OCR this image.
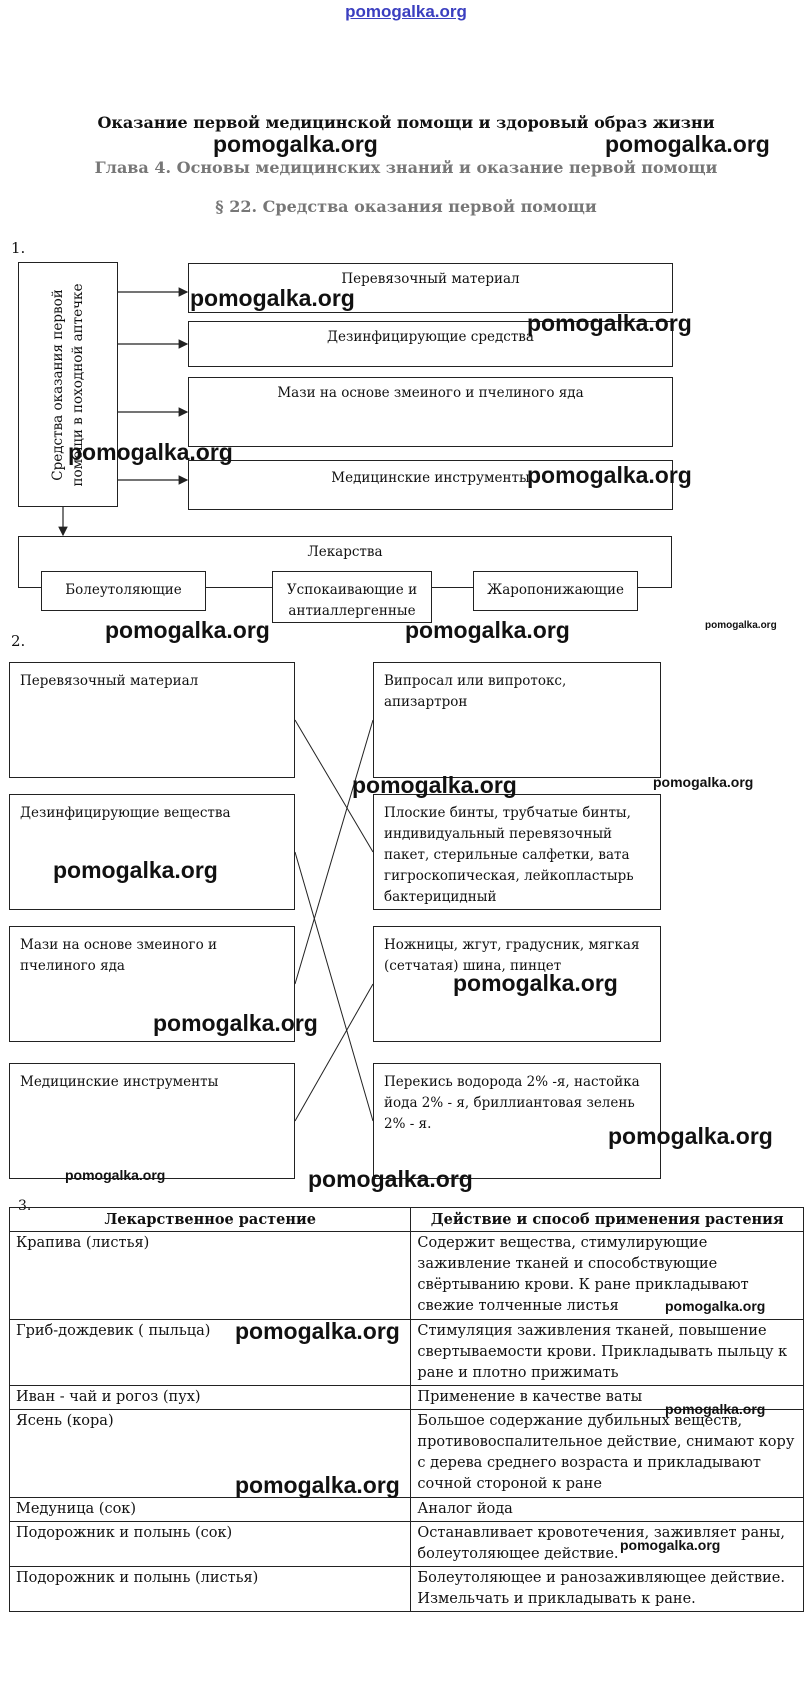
pomogalka.org
Оказание первой медицинской помощи и здоровый образ жизни
Глава 4. Основы медицинских знаний и оказание первой помощи
§ 22. Средства оказания первой помощи
1.
Средства оказания первой помощи в походной аптечке
Перевязочный материал
Дезинфицирующие средства
Мази на основе змеиного и пчелиного яда
Медицинские инструменты
Лекарства
Болеутоляющие	Успокаивающие и антиаллергенные
Жаропонижающие
2.
Перевязочный материал
Дезинфицирующие вещества
Мази на основе змеиного и пчелиного яда
Медицинские инструменты
Випросал или випротокс, апизартрон
Плоские бинты, трубчатые бинты, индивидуальный перевязочный пакет, стерильные салфетки, вата гигроскопическая, лейкопластырь бактерицидный
Ножницы, жгут, градусник, мягкая (сетчатая) шина, пинцет
Перекись водорода 2% -я, настойка йода 2% - я, бриллиантовая зелень 2% - я.
3.
Лекарственное растение	Действие и способ применения растения
Крапива (листья)	Содержит вещества, стимулирующие заживление тканей и способствующие свёртыванию крови. К ране прикладывают свежие толченные листья
Гриб-дождевик ( пыльца)	Стимуляция заживления тканей, повышение свертываемости крови. Прикладывать пыльцу к ране и плотно прижимать
Иван - чай и рогоз (пух)	Применение в качестве ваты
Ясень (кора)	Большое содержание дубильных веществ, противовоспалительное действие, снимают кору с дерева среднего возраста и прикладывают сочной стороной к ране
Медуница (сок)	Аналог йода
Подорожник и полынь (сок)	Останавливает кровотечения, заживляет раны, болеутоляющее действие.
Подорожник и полынь (листья)	Болеутоляющее и ранозаживляющее действие. Измельчать и прикладывать к ране.
pomogalka.org	pomogalka.org
pomogalka.org
pomogalka.org
pomogalka.org
pomogalka.org
pomogalka.org	pomogalka.org	pomogalka.org
pomogalka.org	pomogalka.org
pomogalka.org
pomogalka.org
pomogalka.org
pomogalka.org
pomogalka.org	pomogalka.org
pomogalka.org
pomogalka.org
pomogalka.org
pomogalka.org
pomogalka.org
